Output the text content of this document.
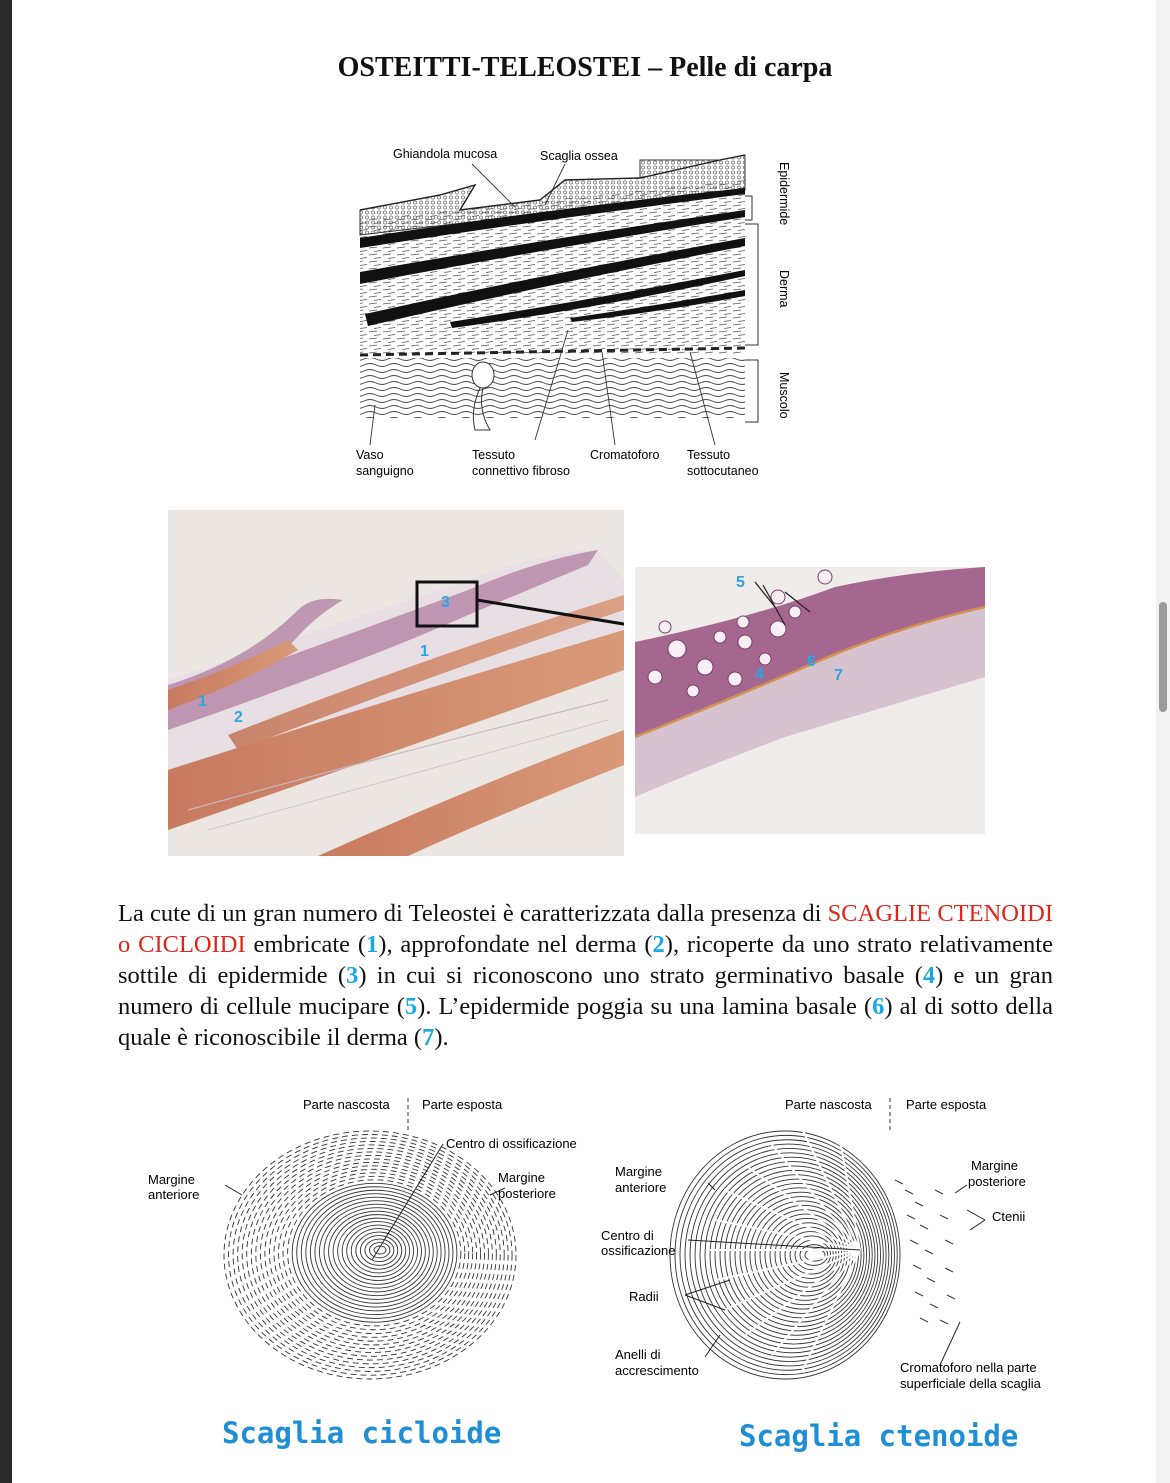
OSTEITTI-TELEOSTEI – Pelle di carpa
Epidermide
Derma
Muscolo
Ghiandola mucosa	Scaglia ossea
Vaso
sanguigno
Tessuto
connettivo fibroso
Cromatoforo Tessuto
sottocutaneo
1
1
2
3
5
4
6
7

La cute di un gran numero di Teleostei è caratterizzata dalla presenza di SCAGLIE CTENOIDI o CICLOIDI embricate (1), approfondate nel derma (2), ricoperte da uno strato relativamente sottile di epidermide (3) in cui si riconoscono uno strato germinativo basale (4) e un gran numero di cellule mucipare (5). L’epidermide poggia su una lamina basale (6) al di sotto della quale è riconoscibile il derma (7).

Parte nascosta Parte esposta
Centro di ossificazione
Margine
anteriore
Margine
posteriore
Scaglia cicloide
Parte nascosta	Parte esposta
Margine
anteriore
Margine
posteriore
Ctenii
Centro di
ossificazione
Radii
Anelli di
accrescimento	Cromatoforo nella parte
superficiale della scaglia
Scaglia ctenoide
